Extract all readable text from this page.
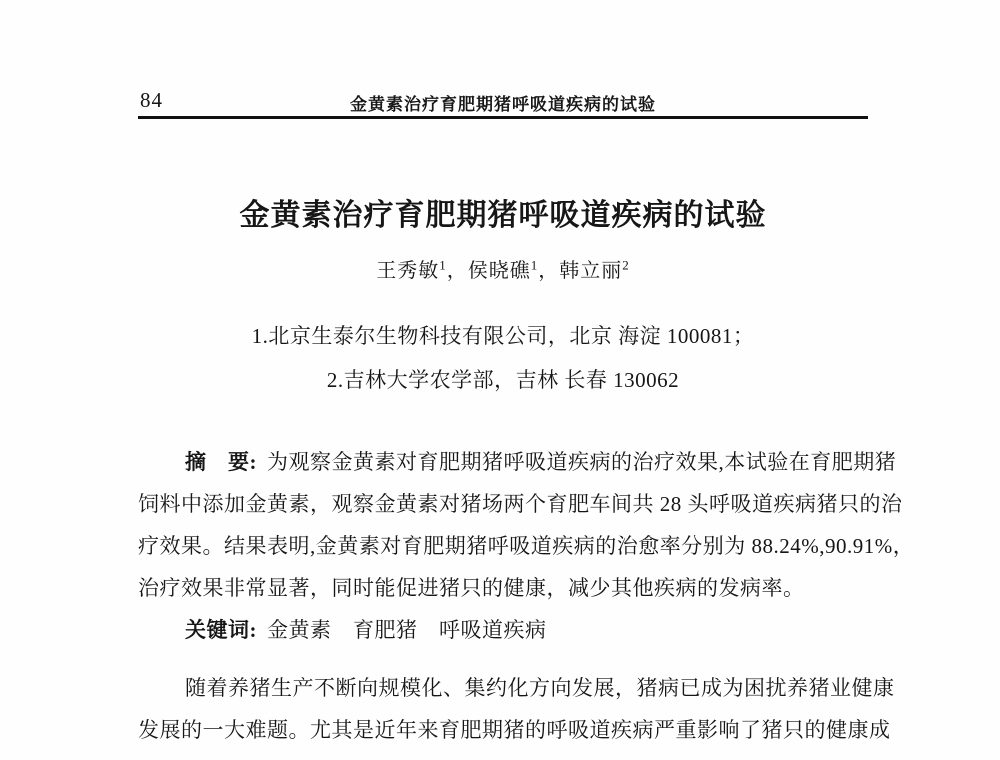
84	金黄素治疗育肥期猪呼吸道疾病的试验
金黄素治疗育肥期猪呼吸道疾病的试验
王秀敏$^1$，侯晓礁$^1$，韩立丽$^2$
1.北京生泰尔生物科技有限公司，北京 海淀 100081；
2.吉林大学农学部，吉林 长春 130062
摘　要: 为观察金黄素对育肥期猪呼吸道疾病的治疗效果,本试验在育肥期猪
饲料中添加金黄素，观察金黄素对猪场两个育肥车间共 28 头呼吸道疾病猪只的治
疗效果。结果表明,金黄素对育肥期猪呼吸道疾病的治愈率分别为 88.24%,90.91%，
治疗效果非常显著，同时能促进猪只的健康，减少其他疾病的发病率。
关键词: 金黄素　育肥猪　呼吸道疾病
随着养猪生产不断向规模化、集约化方向发展，猪病已成为困扰养猪业健康
发展的一大难题。尤其是近年来育肥期猪的呼吸道疾病严重影响了猪只的健康成
